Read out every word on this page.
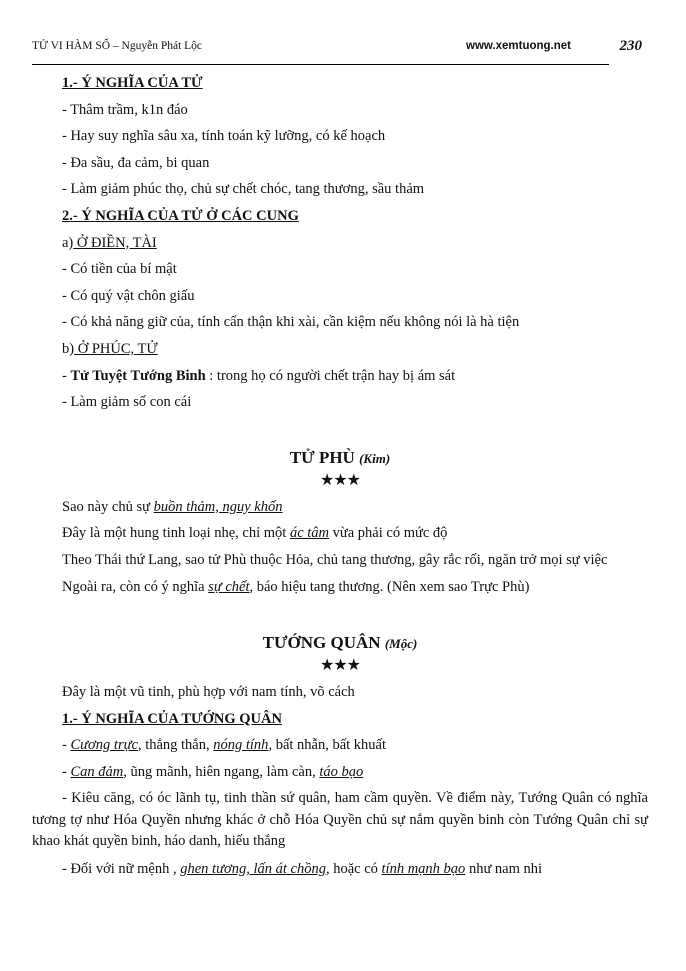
TỬ VI HÀM SỐ – Nguyễn Phát Lộc	www.xemtuong.net	230
1.- Ý NGHĨA CỦA TỬ
- Thâm trầm, k1n đáo
- Hay suy nghĩa sâu xa, tính toán kỹ lưỡng, có kế hoạch
- Đa sầu, đa cảm, bi quan
- Làm giảm phúc thọ, chủ sự chết chóc, tang thương, sầu thảm
2.- Ý NGHĨA CỦA TỬ Ở CÁC CUNG
a) Ở ĐIỀN, TÀI
- Có tiền của bí mật
- Có quý vật chôn giấu
- Có khả năng giữ của, tính cẩn thận khi xài, cần kiệm nếu không nói là hà tiện
b) Ở PHÚC, TỬ
- Tử Tuyệt Tướng Binh : trong họ có người chết trận hay bị ám sát
- Làm giảm số con cái
TỬ PHÙ (Kim)
★★★
Sao này chủ sự buồn thảm, nguy khốn
Đây là một hung tinh loại nhẹ, chỉ một ác tâm vừa phải có mức độ
Theo Thái thứ Lang, sao tử Phù thuộc Hỏa, chủ tang thương, gây rắc rối, ngăn trở mọi sự việc
Ngoài ra, còn có ý nghĩa sự chết, báo hiệu tang thương. (Nên xem sao Trực Phù)
TƯỚNG QUÂN (Mộc)
★★★
Đây là một vũ tinh, phù hợp với nam tính, võ cách
1.- Ý NGHĨA CỦA TƯỚNG QUÂN
- Cương trực, thẳng thắn, nóng tính, bất nhẫn, bất khuất
- Can đảm, ũng mãnh, hiên ngang, làm càn, táo bạo
- Kiêu căng, có óc lãnh tụ, tinh thần sứ quân, ham cầm quyền. Về điểm này, Tướng Quân có nghĩa tương tợ như Hóa Quyền nhưng khác ở chỗ Hóa Quyền chủ sự nắm quyền binh còn Tướng Quân chỉ sự khao khát quyền binh, háo danh, hiếu thắng
- Đối với nữ mệnh , ghen tương, lấn át chồng, hoặc có tính mạnh bạo như nam nhi
